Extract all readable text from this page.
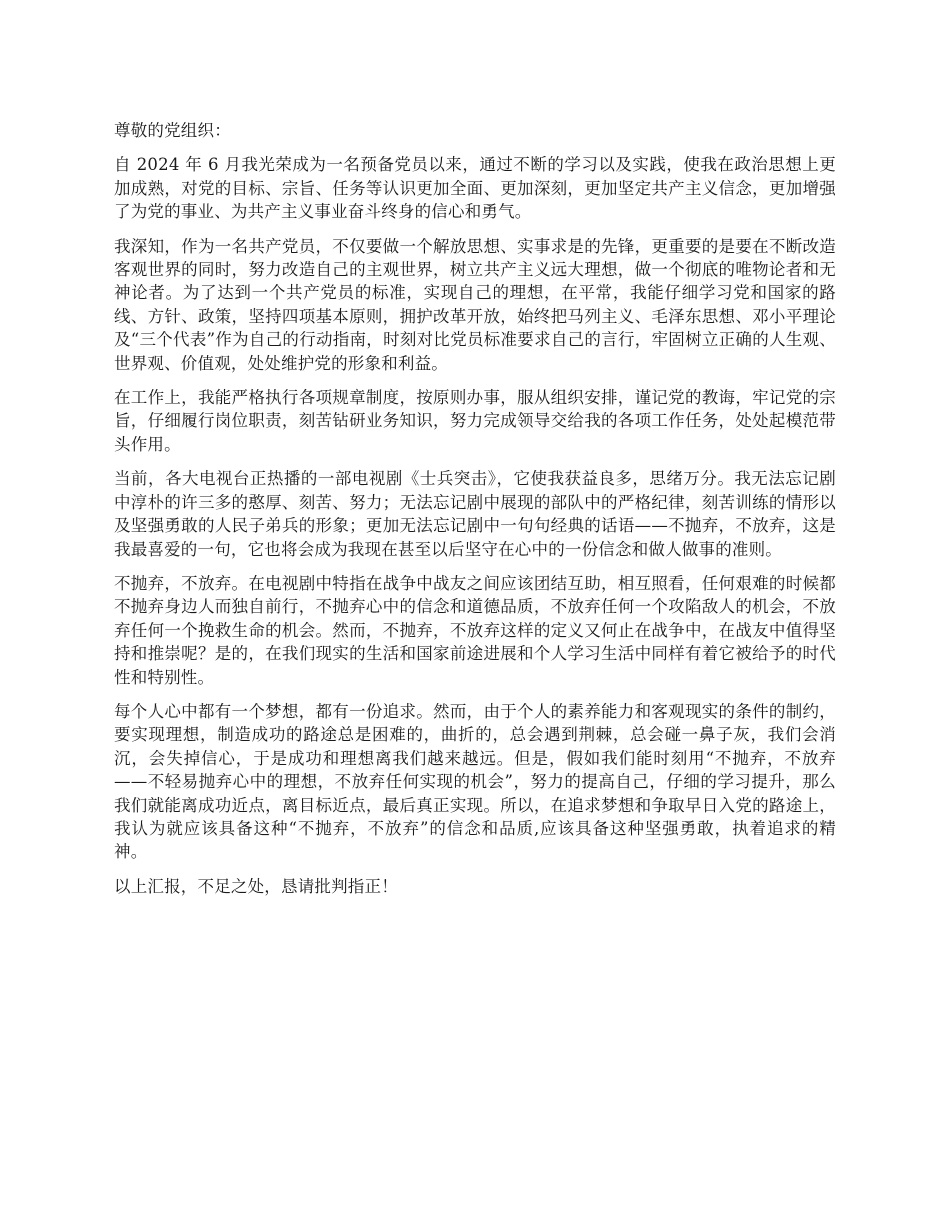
尊敬的党组织：

自 2024 年 6 月我光荣成为一名预备党员以来，通过不断的学习以及实践，使我在政治思想上更加成熟，对党的目标、宗旨、任务等认识更加全面、更加深刻，更加坚定共产主义信念，更加增强了为党的事业、为共产主义事业奋斗终身的信心和勇气。

我深知，作为一名共产党员，不仅要做一个解放思想、实事求是的先锋，更重要的是要在不断改造客观世界的同时，努力改造自己的主观世界，树立共产主义远大理想，做一个彻底的唯物论者和无神论者。为了达到一个共产党员的标准，实现自己的理想，在平常，我能仔细学习党和国家的路线、方针、政策，坚持四项基本原则，拥护改革开放，始终把马列主义、毛泽东思想、邓小平理论及“三个代表”作为自己的行动指南，时刻对比党员标准要求自己的言行，牢固树立正确的人生观、世界观、价值观，处处维护党的形象和利益。

在工作上，我能严格执行各项规章制度，按原则办事，服从组织安排，谨记党的教诲，牢记党的宗旨，仔细履行岗位职责，刻苦钻研业务知识，努力完成领导交给我的各项工作任务，处处起模范带头作用。

当前，各大电视台正热播的一部电视剧《士兵突击》，它使我获益良多，思绪万分。我无法忘记剧中淳朴的许三多的憨厚、刻苦、努力；无法忘记剧中展现的部队中的严格纪律，刻苦训练的情形以及坚强勇敢的人民子弟兵的形象；更加无法忘记剧中一句句经典的话语——不抛弃，不放弃，这是我最喜爱的一句，它也将会成为我现在甚至以后坚守在心中的一份信念和做人做事的准则。

不抛弃，不放弃。在电视剧中特指在战争中战友之间应该团结互助，相互照看，任何艰难的时候都不抛弃身边人而独自前行，不抛弃心中的信念和道德品质，不放弃任何一个攻陷敌人的机会，不放弃任何一个挽救生命的机会。然而，不抛弃，不放弃这样的定义又何止在战争中，在战友中值得坚持和推崇呢？是的，在我们现实的生活和国家前途进展和个人学习生活中同样有着它被给予的时代性和特别性。

每个人心中都有一个梦想，都有一份追求。然而，由于个人的素养能力和客观现实的条件的制约，要实现理想，制造成功的路途总是困难的，曲折的，总会遇到荆棘，总会碰一鼻子灰，我们会消沉，会失掉信心，于是成功和理想离我们越来越远。但是，假如我们能时刻用“不抛弃，不放弃——不轻易抛弃心中的理想，不放弃任何实现的机会”，努力的提高自己，仔细的学习提升，那么我们就能离成功近点，离目标近点，最后真正实现。所以，在追求梦想和争取早日入党的路途上，我认为就应该具备这种“不抛弃，不放弃”的信念和品质,应该具备这种坚强勇敢，执着追求的精神。

以上汇报，不足之处，恳请批判指正！
